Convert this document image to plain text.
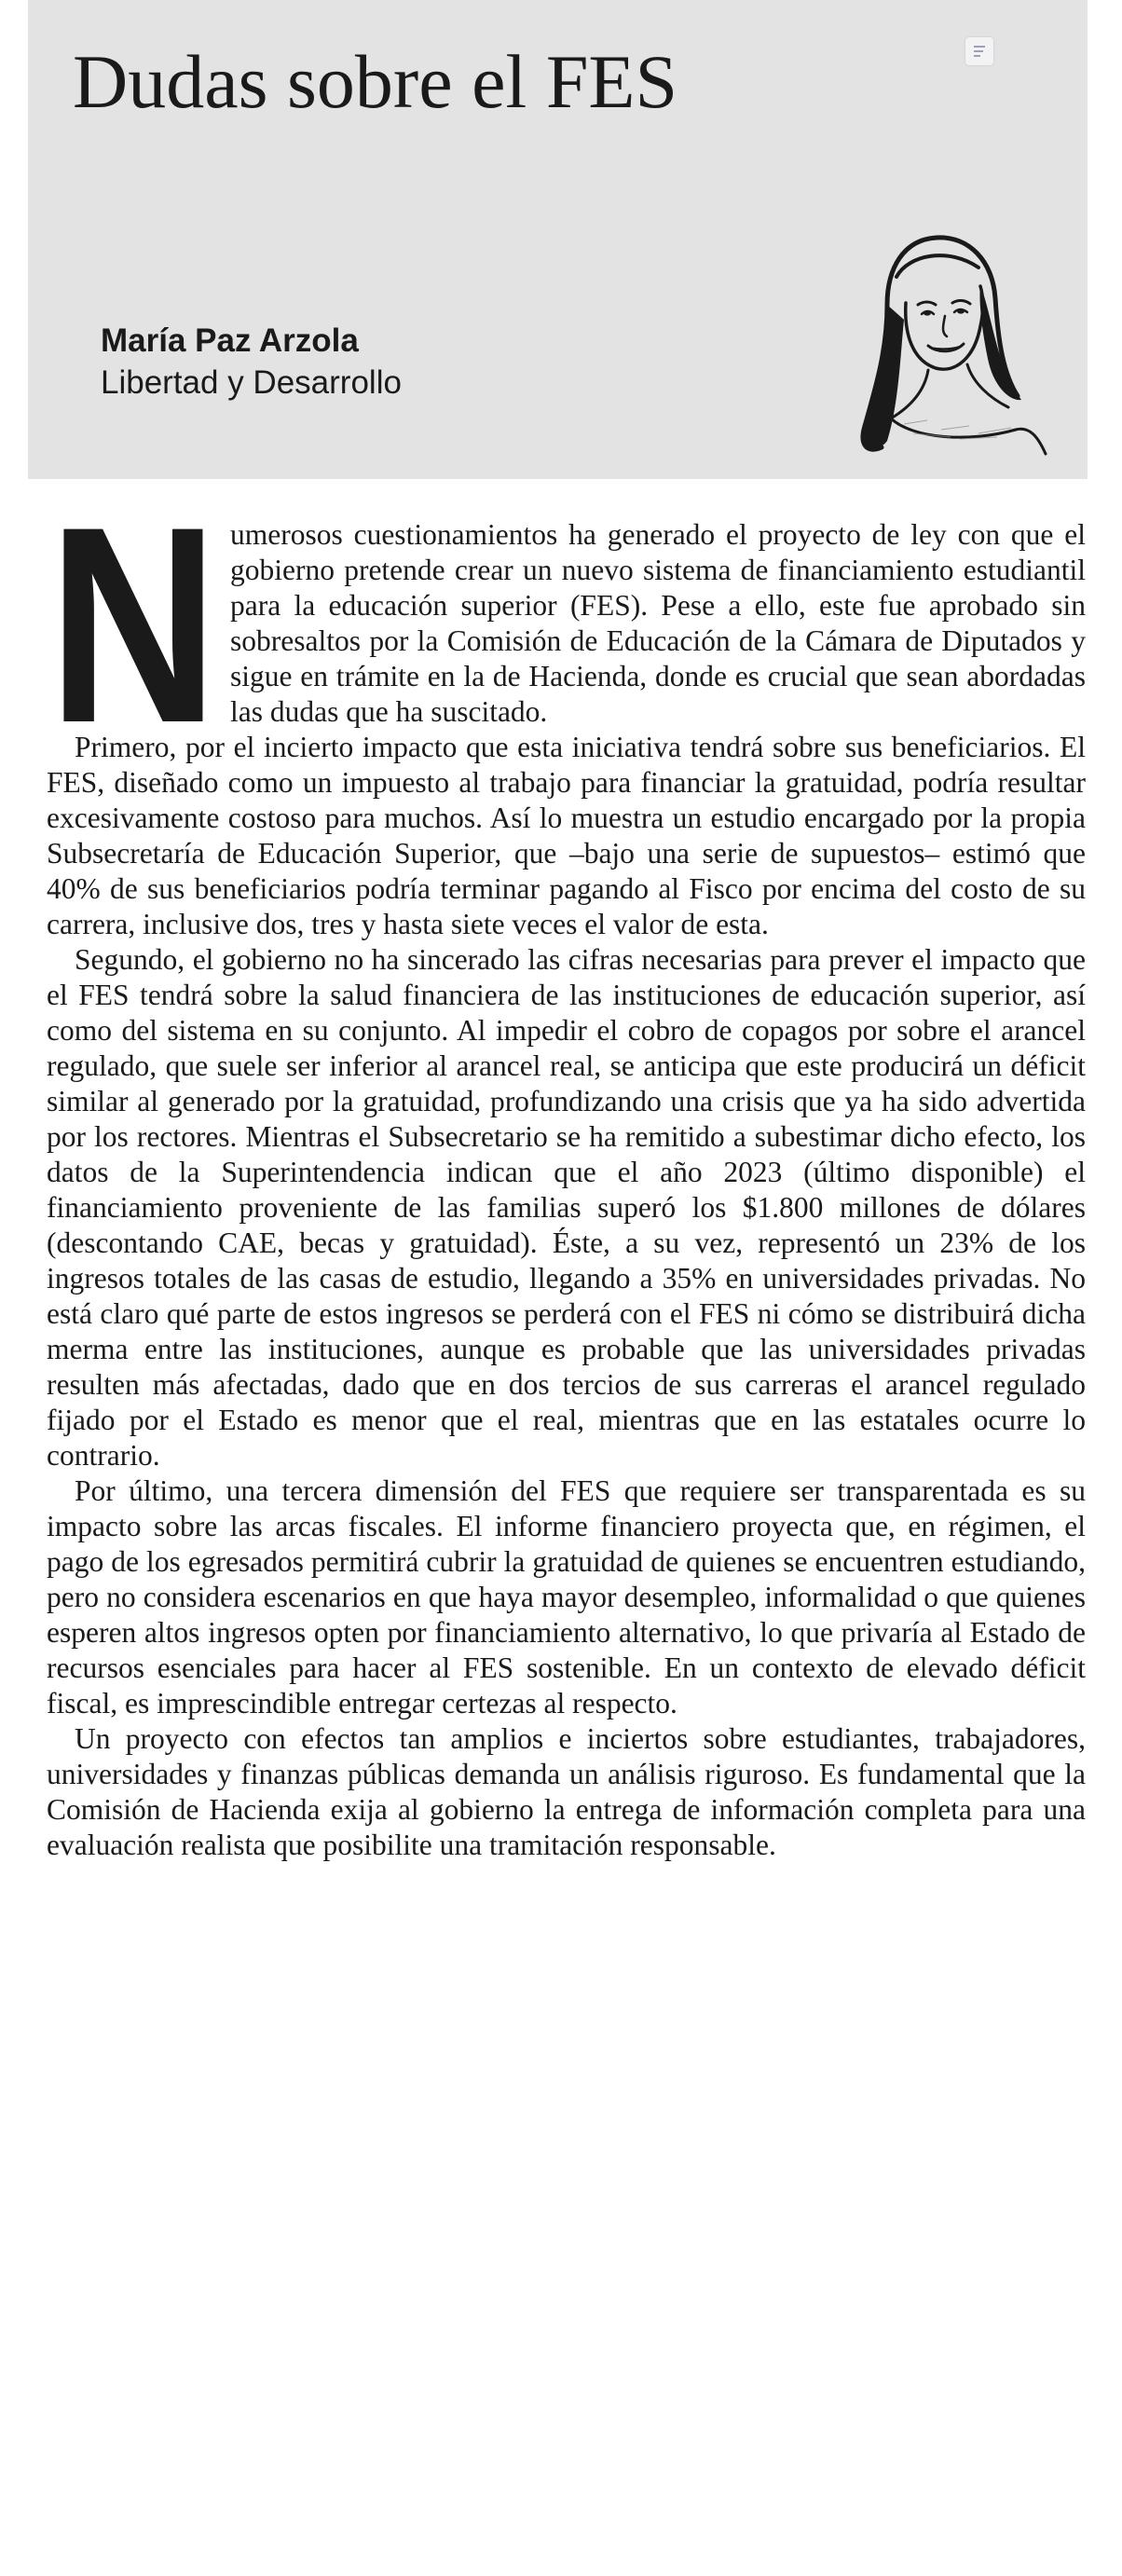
Dudas sobre el FES
María Paz Arzola
Libertad y Desarrollo

N umerosos cuestionamientos ha generado el proyecto de ley con que el gobierno pretende crear un nuevo sistema de financiamiento estudiantil para la educación superior (FES). Pese a ello, este fue aprobado sin sobresaltos por la Comisión de Educación de la Cámara de Diputados y sigue en trámite en la de Hacienda, donde es crucial que sean abordadas las dudas que ha suscitado.

Primero, por el incierto impacto que esta iniciativa tendrá sobre sus beneficiarios. El FES, diseñado como un impuesto al trabajo para financiar la gratuidad, podría resultar excesivamente costoso para muchos. Así lo muestra un estudio encargado por la propia Subsecretaría de Educación Superior, que –bajo una serie de supuestos– estimó que 40% de sus beneficiarios podría terminar pagando al Fisco por encima del costo de su carrera, inclusive dos, tres y hasta siete veces el valor de esta.

Segundo, el gobierno no ha sincerado las cifras necesarias para prever el impacto que el FES tendrá sobre la salud financiera de las instituciones de educación superior, así como del sistema en su conjunto. Al impedir el cobro de copagos por sobre el arancel regulado, que suele ser inferior al arancel real, se anticipa que este producirá un déficit similar al generado por la gratuidad, profundizando una crisis que ya ha sido advertida por los rectores. Mientras el Subsecretario se ha remitido a subestimar dicho efecto, los datos de la Superintendencia indican que el año 2023 (último disponible) el financiamiento proveniente de las familias superó los $1.800 millones de dólares (descontando CAE, becas y gratuidad). Éste, a su vez, representó un 23% de los ingresos totales de las casas de estudio, llegando a 35% en universidades privadas. No está claro qué parte de estos ingresos se perderá con el FES ni cómo se distribuirá dicha merma entre las instituciones, aunque es probable que las universidades privadas resulten más afectadas, dado que en dos tercios de sus carreras el arancel regulado fijado por el Estado es menor que el real, mientras que en las estatales ocurre lo contrario.

Por último, una tercera dimensión del FES que requiere ser transparentada es su impacto sobre las arcas fiscales. El informe financiero proyecta que, en régimen, el pago de los egresados permitirá cubrir la gratuidad de quienes se encuentren estudiando, pero no considera escenarios en que haya mayor desempleo, informalidad o que quienes esperen altos ingresos opten por financiamiento alternativo, lo que privaría al Estado de recursos esenciales para hacer al FES sostenible. En un contexto de elevado déficit fiscal, es imprescindible entregar certezas al respecto.

Un proyecto con efectos tan amplios e inciertos sobre estudiantes, trabajadores, universidades y finanzas públicas demanda un análisis riguroso. Es fundamental que la Comisión de Hacienda exija al gobierno la entrega de información completa para una evaluación realista que posibilite una tramitación responsable.
